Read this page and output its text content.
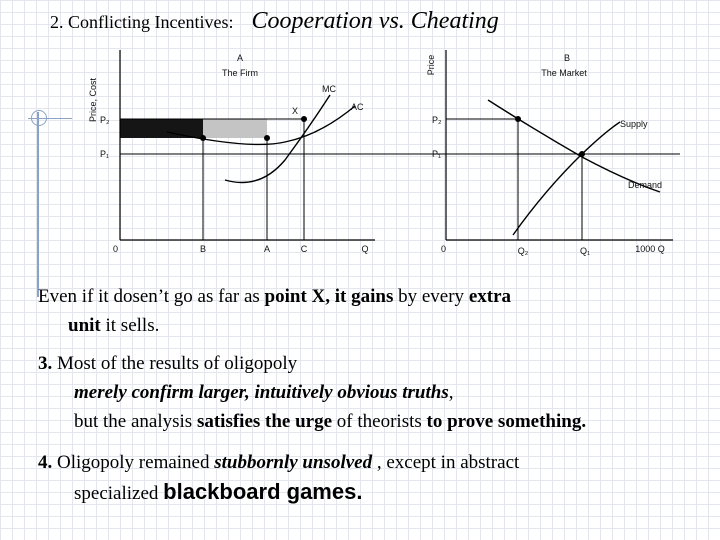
2. Conflicting Incentives: Cooperation vs. Cheating
A
The Firm
Price, Cost	MC
AC
X
P₂
P₁
0	B	A	C	Q
B
The Market
Price
Supply
Demand
P₂
P₁
0	Q₂	Q₁	1000 Q
Even if it dosen’t go as far as point X, it gains by every extra
unit it sells.
3. Most of the results of oligopoly
merely confirm larger, intuitively obvious truths,
but the analysis satisfies the urge of theorists to prove something.
4. Oligopoly remained stubbornly unsolved , except in abstract
specialized blackboard games.
